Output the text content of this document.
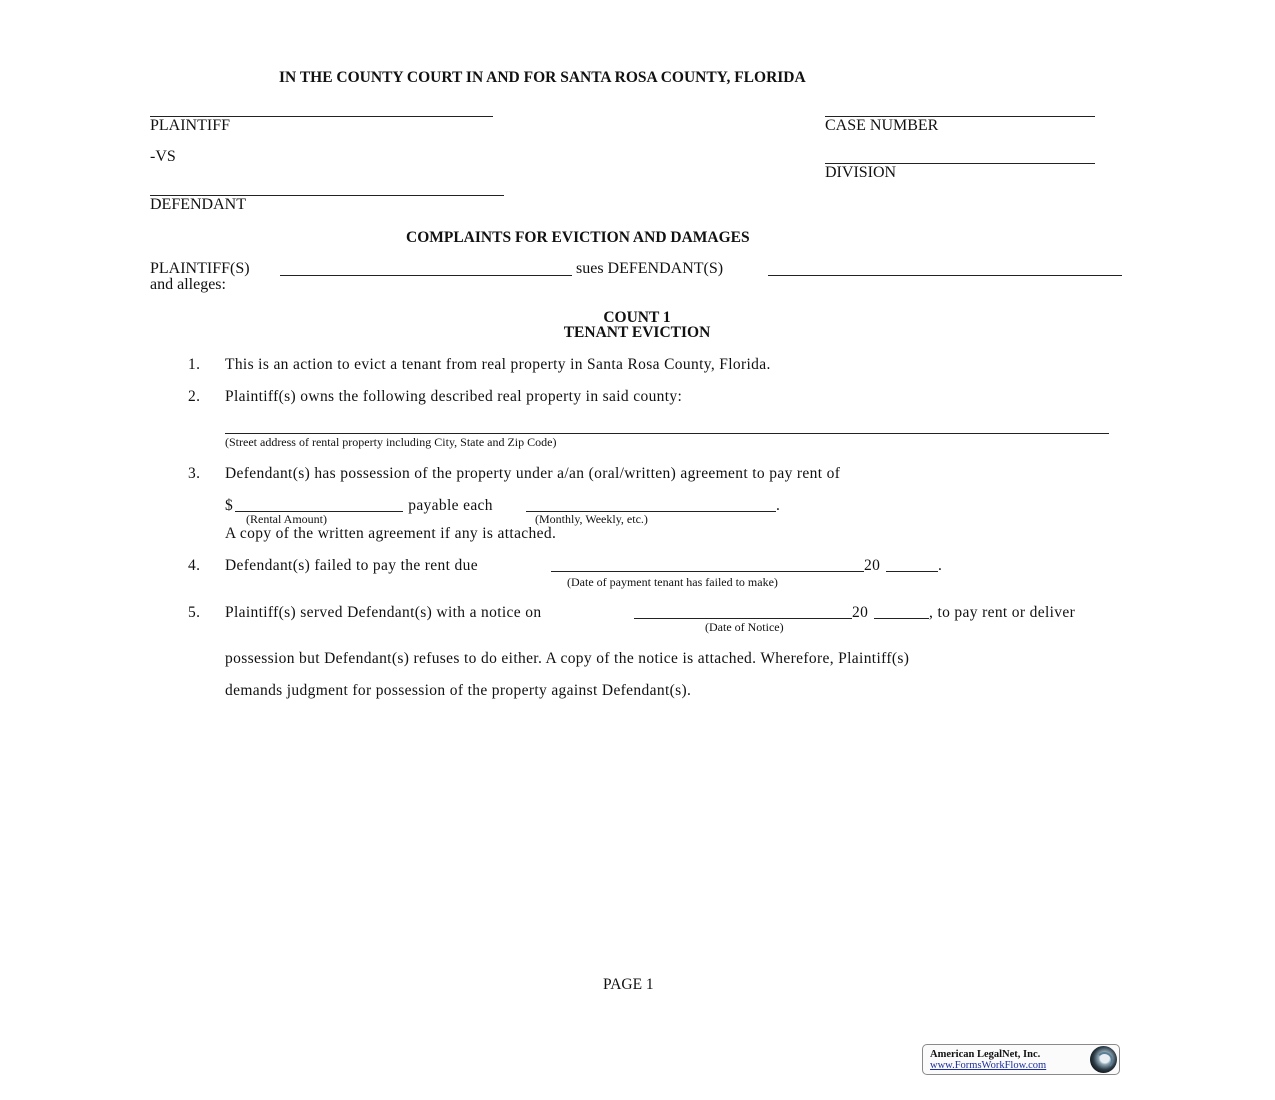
IN THE COUNTY COURT IN AND FOR SANTA ROSA COUNTY, FLORIDA
PLAINTIFF
-VS
DEFENDANT
CASE NUMBER
DIVISION
COMPLAINTS FOR EVICTION AND DAMAGES
PLAINTIFF(S)	sues DEFENDANT(S)
and alleges:
COUNT 1
TENANT EVICTION
1. This is an action to evict a tenant from real property in Santa Rosa County, Florida.
2. Plaintiff(s) owns the following described real property in said county:
(Street address of rental property including City, State and Zip Code)
3. Defendant(s) has possession of the property under a/an (oral/written) agreement to pay rent of
$	payable each	.
(Rental Amount)	(Monthly, Weekly, etc.)
A copy of the written agreement if any is attached.
4. Defendant(s) failed to pay the rent due	20	.
(Date of payment tenant has failed to make)
5. Plaintiff(s) served Defendant(s) with a notice on	20	, to pay rent or deliver
(Date of Notice)
possession but Defendant(s) refuses to do either. A copy of the notice is attached. Wherefore, Plaintiff(s)
demands judgment for possession of the property against Defendant(s).
PAGE 1
American LegalNet, Inc.
www.FormsWorkFlow.com
